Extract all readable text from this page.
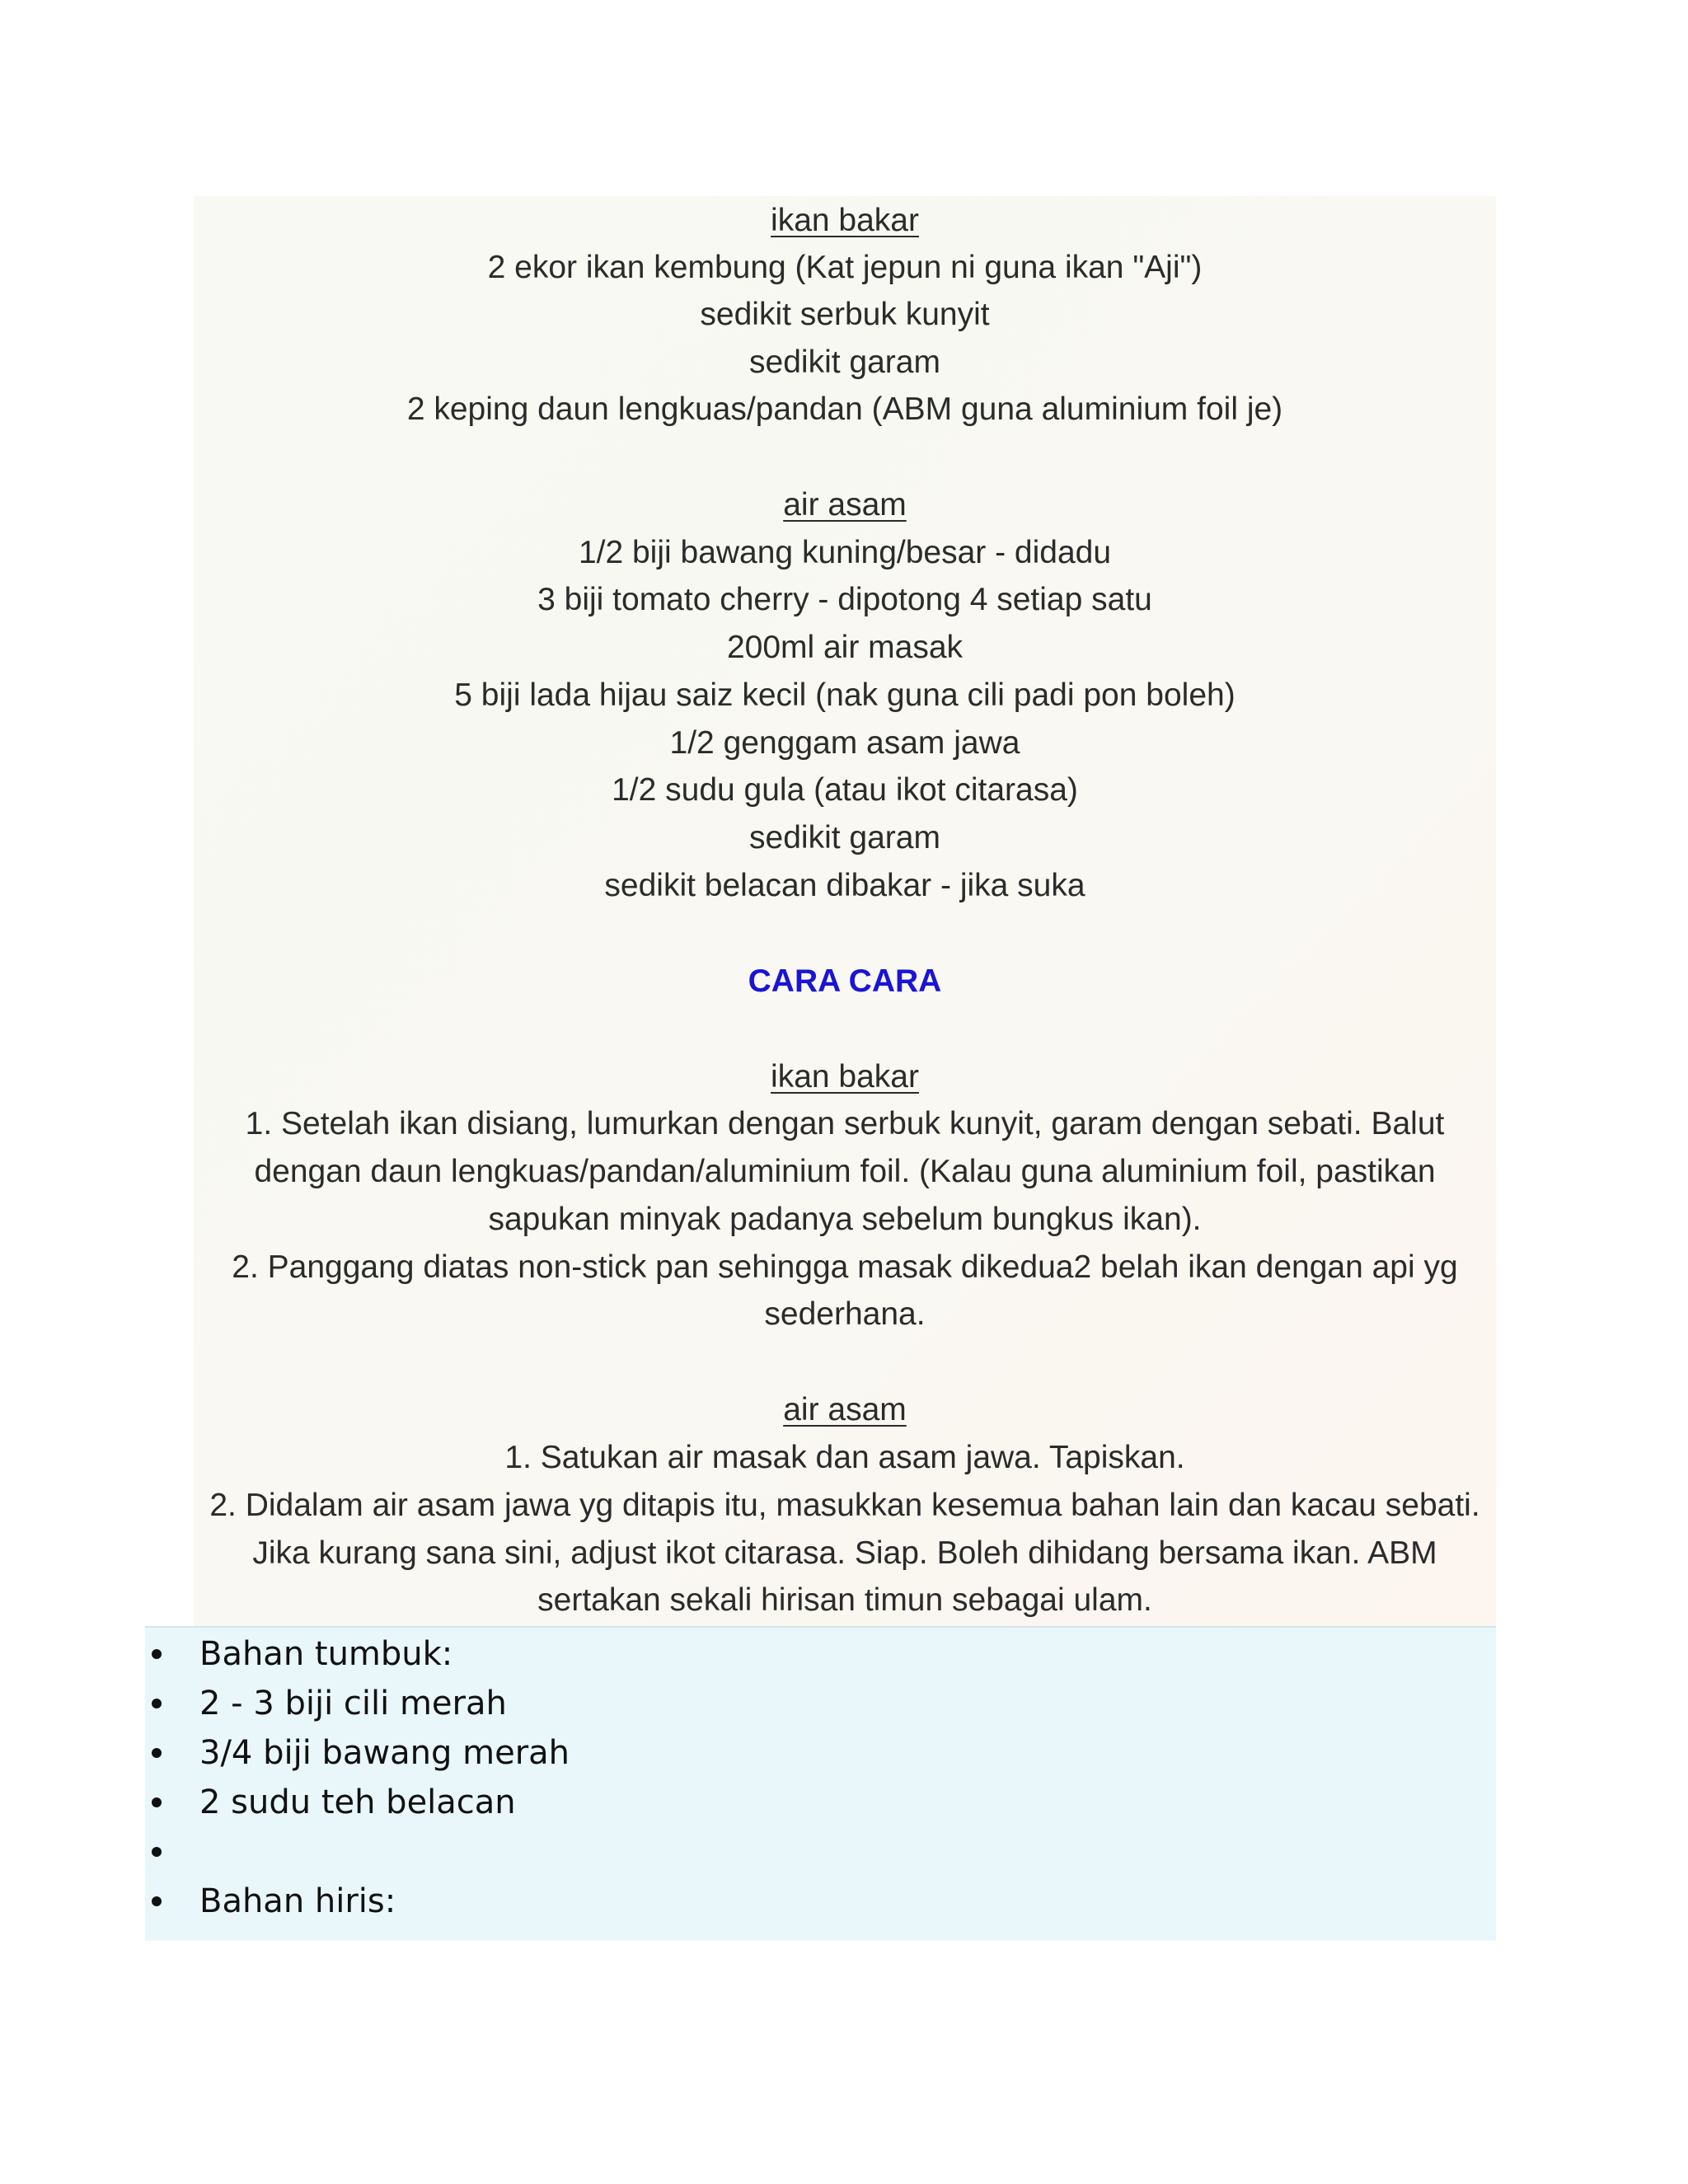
ikan bakar
2 ekor ikan kembung (Kat jepun ni guna ikan "Aji")
sedikit serbuk kunyit
sedikit garam
2 keping daun lengkuas/pandan (ABM guna aluminium foil je)
air asam
1/2 biji bawang kuning/besar - didadu
3 biji tomato cherry - dipotong 4 setiap satu
200ml air masak
5 biji lada hijau saiz kecil (nak guna cili padi pon boleh)
1/2 genggam asam jawa
1/2 sudu gula (atau ikot citarasa)
sedikit garam
sedikit belacan dibakar - jika suka
CARA CARA
ikan bakar
1. Setelah ikan disiang, lumurkan dengan serbuk kunyit, garam dengan sebati. Balut
dengan daun lengkuas/pandan/aluminium foil. (Kalau guna aluminium foil, pastikan
sapukan minyak padanya sebelum bungkus ikan).
2. Panggang diatas non-stick pan sehingga masak dikedua2 belah ikan dengan api yg
sederhana.
air asam
1. Satukan air masak dan asam jawa. Tapiskan.
2. Didalam air asam jawa yg ditapis itu, masukkan kesemua bahan lain dan kacau sebati.
Jika kurang sana sini, adjust ikot citarasa. Siap. Boleh dihidang bersama ikan. ABM
sertakan sekali hirisan timun sebagai ulam.
Bahan tumbuk:
2 - 3 biji cili merah
3/4 biji bawang merah
2 sudu teh belacan
Bahan hiris:
